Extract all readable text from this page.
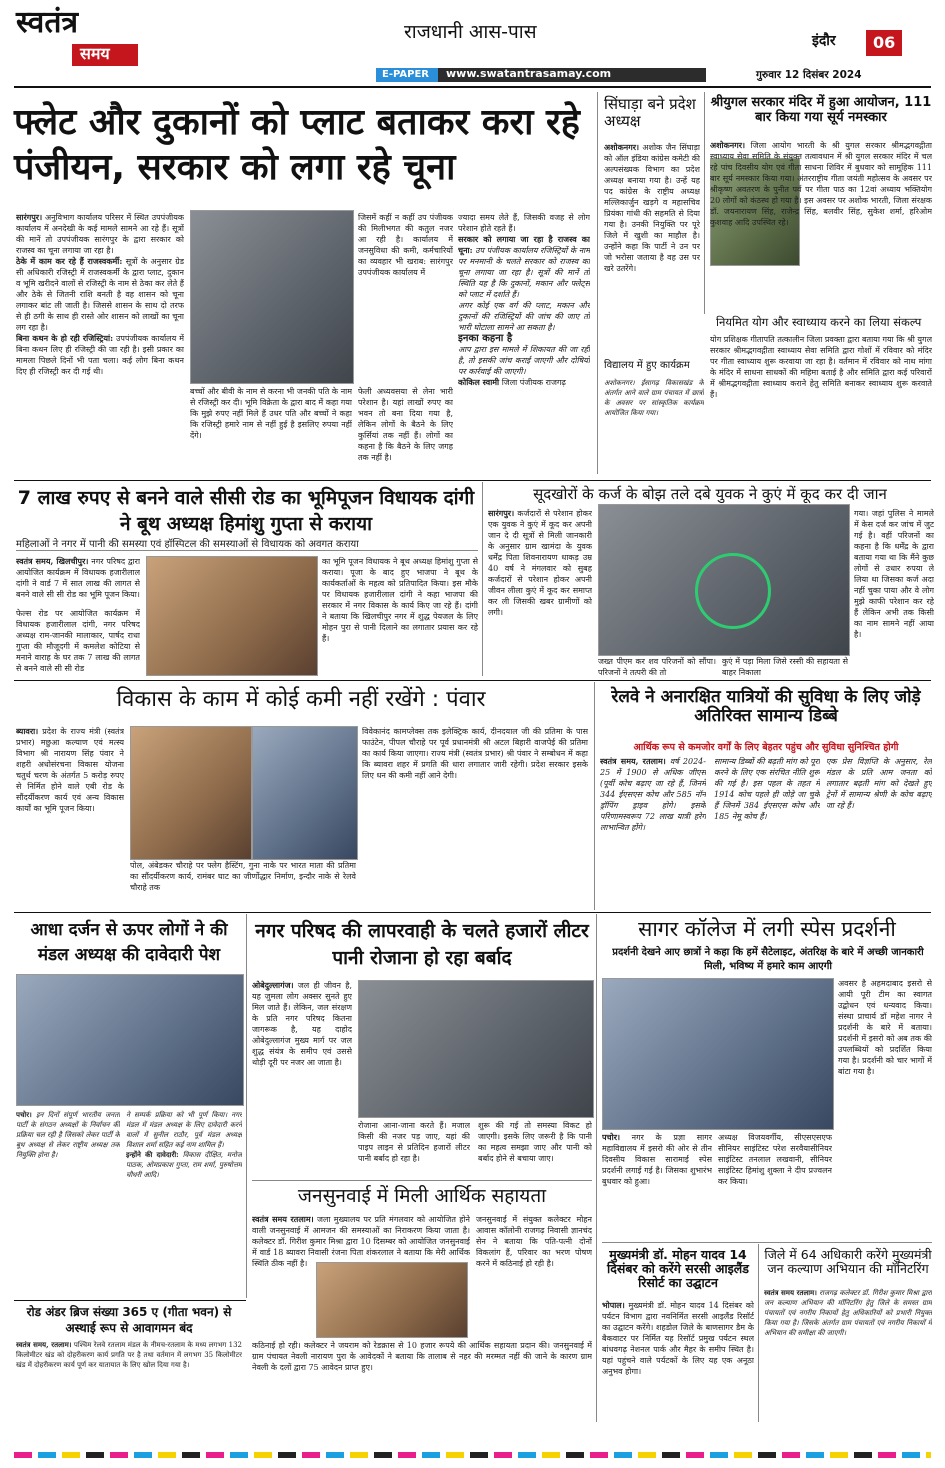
स्वतंत्र
समय
राजधानी आस-पास
E-PAPER www.swatantrasamay.com
इंदौर 06
गुरुवार 12 दिसंबर 2024
फ्लेट और दुकानों को प्लाट बताकर करा रहे पंजीयन, सरकार को लगा रहे चूना
सारंगपुर। अनुविभाग कार्यालय परिसर में स्थित उपपंजीयक कार्यालय में अनदेखी के कई मामले सामने आ रहे हैं। सूत्रों की मानें तो उपपंजीयक सारंगपुर के द्वारा सरकार को राजस्व का चूना लगाया जा रहा है।
ठेके में काम कर रहे हैं राजस्वकर्मी: सूत्रों के अनुसार ग्रेड सी अधिकारी रजिस्ट्री में राजस्वकर्मी के द्वारा प्लाट, दुकान व भूमि खरीदने वालों से रजिस्ट्री के नाम से ठेका कर लेते हैं और ठेके से जितनी राशि बनती है वह शासन को चूना लगाकर बांट ली जाती है। जिससे शासन के साथ दो तरफ से ही ठगी के साथ ही रास्ते ओर शासन को लाखों का चूना लग रहा है।
बिना कथन के हो रही रजिस्ट्रियां: उपपंजीयक कार्यालय में बिना कथन लिए ही रजिस्ट्री की जा रही है। इसी प्रकार का मामला पिछले दिनों भी पता चला। कई लोग बिना कथन दिए ही रजिस्ट्री कर दी गई थी।
बच्चों और बीवी के नाम से करना भी जनकी पति के नाम से रजिस्ट्री कर दी। भूमि विक्रेता के द्वारा बाद में कहा गया कि मुझे रुपए नहीं मिले हैं उधर पति और बच्चों ने कहा कि रजिस्ट्री हमारे नाम से नहीं हुई है इसलिए रुपया नहीं देंगे।
फेली अध्यवसया से लेना भारी परेशान है। यहां लाखों रुपए का भवन तो बना दिया गया है, लेकिन लोगों के बैठने के लिए कुर्सियां तक नहीं हैं। लोगों का कहना है कि बैठने के लिए जगह तक नहीं है।
जिसमें कहीं न कहीं उप पंजीयक की मिलीभगत की कतुल नजर आ रही है। कार्यालय में जनसुविधा की कमी, कर्मचारियों का व्यवहार भी खराब: सारंगपुर उपपंजीयक कार्यालय में
ज्यादा समय लेते हैं, जिसकी वजह से लोग परेशान होते रहते हैं।
सरकार को लगाया जा रहा है राजस्व का चूना: उप पंजीयक कार्यालय रजिस्ट्रियों के नाम पर मनमानी के चलते सरकार को राजस्व का चूना लगाया जा रहा है। सूत्रों की मानें तो स्थिति यह है कि दुकानों, मकान और फ्लेट्स को प्लाट में दर्शाते हैं।
अगर कोई एक वर्ग की प्लाट, मकान और दुकानों की रजिस्ट्रियों की जांच की जाए तो भारी घोटाला सामने आ सकता है।
इनका कहना है
आप द्वारा इस मामले में शिकायत की जा रही है, तो इसकी जांच कराई जाएगी और दोषियों पर कार्रवाई की जाएगी।
कोकिल स्वामी जिला पंजीयक राजगढ़
सिंघाड़ा बने प्रदेश अध्यक्ष
अशोकनगर। अशोक जैन सिंघाड़ा को ऑल इंडिया कांग्रेस कमेटी की अल्पसंख्यक विभाग का प्रदेश अध्यक्ष बनाया गया है। उन्हें यह पद कांग्रेस के राष्ट्रीय अध्यक्ष मल्लिकार्जुन खड़गे व महासचिव प्रियंका गांधी की सहमति से दिया गया है। उनकी नियुक्ति पर पूरे जिले में खुशी का माहौल है। उन्होंने कहा कि पार्टी ने उन पर जो भरोसा जताया है वह उस पर खरे उतरेंगे।
विद्यालय में हुए कार्यक्रम
अशोकनगर। ईसागढ़ विकासखंड के अंतर्गत आने वाले ग्राम पंचायत में छात्रों के अवसर पर सांस्कृतिक कार्यक्रम आयोजित किया गया।
श्रीयुगल सरकार मंदिर में हुआ आयोजन, 111 बार किया गया सूर्य नमस्कार
अशोकनगर। जिला आयोग भारती के श्री युगल सरकार श्रीमद्भगवद्गीता स्वाध्याय सेवा समिति के संयुक्त तत्वावधान में श्री युगल सरकार मंदिर में चल रहे पांच दिवसीय योग एवं गीता साधना शिविर में बुधवार को सामूहिक 111 बार सूर्य नमस्कार किया गया। अंतरराष्ट्रीय गीता जयंती महोत्सव के अवसर पर श्रीकृष्ण अवतरण के पुनीत पर्व पर गीता पाठ का 12वां अध्याय भक्तियोग 20 लोगों को कंठस्थ हो गया है। इस अवसर पर अशोक भारती, जिला संरक्षक डॉ. जयनारायण सिंह, राजेन्द्र सिंह, बलवीर सिंह, सुकेश शर्मा, हरिओम कुशवाह आदि उपस्थित रहे।
नियमित योग और स्वाध्याय करने का लिया संकल्प
योग प्रशिक्षक गीतापति तत्कालीन जिला प्रवक्ता द्वारा बताया गया कि श्री युगल सरकार श्रीमद्भगवद्गीता स्वाध्याय सेवा समिति द्वारा गोशों में रविवार को मंदिर पर गीता स्वाध्याय शुरू करवाया जा रहा है। वर्तमान में रविवार को नाथ मांगा के मंदिर में साधना साधकों की महिमा बताई है और समिति द्वारा कई परिवारों में श्रीमद्भगवद्गीता स्वाध्याय कराने हेतु समिति बनाकर स्वाध्याय शुरू करवाते हैं।
7 लाख रुपए से बनने वाले सीसी रोड का भूमिपूजन विधायक दांगी ने बूथ अध्यक्ष हिमांशु गुप्ता से कराया
महिलाओं ने नगर में पानी की समस्या एवं हॉस्पिटल की समस्याओं से विधायक को अवगत कराया
स्वतंत्र समय, खिलचीपुर। नगर परिषद द्वारा आयोजित कार्यक्रम में विधायक हजारीलाल दांगी ने वार्ड 7 में सात लाख की लागत से बनने वाले सी सी रोड का भूमि पूजन किया।
फेल्स रोड पर आयोजित कार्यक्रम में विधायक हजारीलाल दांगी, नगर परिषद अध्यक्ष राम-जानकी मालाकार, पार्षद राधा गुप्ता की मौजूदगी में कमलेश कोटिया से मनाने वाराह के घर तक 7 लाख की लागत से बनने वाले सी सी रोड
का भूमि पूजन विधायक ने बूथ अध्यक्ष हिमांशु गुप्ता से कराया। पूजा के बाद हुए भाजपा ने बूथ के कार्यकर्ताओं के महत्व को प्रतिपादित किया। इस मौके पर विधायक हजारीलाल दांगी ने कहा भाजपा की सरकार में नगर विकास के कार्य किए जा रहे हैं। दांगी ने बताया कि खिलचीपुर नगर में शुद्ध पेयजल के लिए मोहन पुरा से पानी दिलाने का लगातार प्रयास कर रहे हैं।
सूदखोरों के कर्ज के बोझ तले दबे युवक ने कुएं में कूद कर दी जान
सारंगपुर। कर्जदारों से परेशान होकर एक युवक ने कुएं में कूद कर अपनी जान दे दी सूत्रों से मिली जानकारी के अनुसार ग्राम खामंदा के युवक धर्मेंद्र पिता शिवनारायण धाकड़ उम्र 40 वर्ष ने मंगलवार को सुबह कर्जदारों से परेशान होकर अपनी जीवन लीला कुएं में कूद कर समाप्त कर ली जिसकी खबर ग्रामीणों को लगी।
जख्त पीएम कर शव परिजनों को सौंपा। परिजनों ने तत्परी की तो
कुएं में पड़ा मिला जिसे रस्सी की सहायता से बाहर निकाला
गया। जहां पुलिस ने मामले में केस दर्ज कर जांच में जुट गई है। वहीं परिजनों का कहना है कि धर्मेंद्र के द्वारा बताया गया था कि मैंने कुछ लोगों से उधार रुपया ले लिया था जिसका कर्ज अदा नहीं चुका पाया और वे लोग मुझे काफी परेशान कर रहे हैं लेकिन अभी तक किसी का नाम सामने नहीं आया है।
विकास के काम में कोई कमी नहीं रखेंगे : पंवार
ब्यावरा। प्रदेश के राज्य मंत्री (स्वतंत्र प्रभार) मछुआ कल्याण एवं मत्स्य विभाग श्री नारायण सिंह पंवार ने शहरी अधोसंरचना विकास योजना चतुर्थ चरण के अंतर्गत 5 करोड़ रुपए से निर्मित होने वाले एबी रोड के सौंदर्यीकरण कार्य एवं अन्य विकास कार्यों का भूमि पूजन किया।
पोल, अंबेडकर चौराहे पर फ्लेग हैस्टिंग, गुना नाके पर भारत माता की प्रतिमा का सौंदर्यीकरण कार्य, रामंबर घाट का जीर्णोद्धार निर्माण, इन्दौर नाके से रेलवे चौराहे तक
विवेकानंद कामप्लेक्स तक इलेक्ट्रिक कार्य, दीनदयाल जी की प्रतिमा के पास फाउंटेन, पीपल चौराहे पर पूर्व प्रधानमंत्री श्री अटल बिहारी वाजपेई की प्रतिमा का कार्य किया जाएगा। राज्य मंत्री (स्वतंत्र प्रभार) श्री पंवार ने सम्बोधन में कहा कि ब्यावरा शहर में प्रगति की धारा लगातार जारी रहेगी। प्रदेश सरकार इसके लिए धन की कमी नहीं आने देगी।
रेलवे ने अनारक्षित यात्रियों की सुविधा के लिए जोड़े अतिरिक्त सामान्य डिब्बे
आर्थिक रूप से कमजोर वर्गों के लिए बेहतर पहुंच और सुविधा सुनिश्चित होगी
स्वतंत्र समय, रतलाम। वर्ष 2024-25 में 1900 से अधिक जीएस (पूर्वी कोच बढ़ाए जा रहे हैं, जिनमें 344 ईएसएस कोच और 585 नॉन ड्रॉपिंग ड्राइव होगे। इसके परिणामस्वरूप 72 लाख यात्री हरेग लाभान्वित होंगे।
सामान्य डिब्बों की बढ़ती मांग को पूरा करने के लिए एक संरचित नीति शुरू की गई है। इस पहल के तहत में 1914 कोच पहले ही जोड़े जा चुके हैं जिनमें 384 ईएसएस कोच और 185 नेमू कोच हैं।
एक प्रेस विज्ञप्ति के अनुसार, रेल मंडल के प्रति आम जनता को लगातार बढ़ती मांग को देखते हुए ट्रेनों में सामान्य श्रेणी के कोच बढ़ाए जा रहे हैं।
आधा दर्जन से ऊपर लोगों ने की मंडल अध्यक्ष की दावेदारी पेश
पचोर। इन दिनों संपूर्ण भारतीय जनता पार्टी के संगठन अध्यक्षों के निर्वाचन की प्रक्रिया चल रही है जिसको लेकर पार्टी के बूथ अध्यक्ष से लेकर राष्ट्रीय अध्यक्ष तक नियुक्ति होना है।
ने सम्पर्क प्रक्रिया को भी पूर्ण किया। नगर मंडल में मंडल अध्यक्ष के लिए दावेदारी करने वालों में सुनील राठौर, पूर्व मंडल अध्यक्ष विशाल शर्मा सहित कई नाम शामिल हैं।
इन्होंने की दावेदारी: विकास दीक्षित, मनोज पाठक, ओमप्रकाश गुप्ता, राम शर्मा, पुरुषोत्तम चौधरी आदि।
नगर परिषद की लापरवाही के चलते हजारों लीटर पानी रोजाना हो रहा बर्बाद
ओबेदुल्लागंज। जल ही जीवन है, यह जुमला लोग अक्सर सुनते हुए मिल जाते हैं। लेकिन, जल संरक्षण के प्रति नगर परिषद कितना जागरूक है, यह दाहोद ओबेदुल्लागंज मुख्य मार्ग पर जल शुद्ध संयंत्र के समीप एवं उससे थोड़ी दूरी पर नजर आ जाता है।
रोजाना आना-जाना करते हैं। मजाल किसी की नजर पड़ जाए, यहां की पाइप लाइन से प्रतिदिन हजारों लीटर पानी बर्बाद हो रहा है।
शुरू की गई तो समस्या विकट हो जाएगी। इसके लिए जरूरी है कि पानी का महत्व समझा जाए और पानी को बर्बाद होने से बचाया जाए।
जनसुनवाई में मिली आर्थिक सहायता
स्वतंत्र समय रतलाम। जला मुख्यालय पर प्रति मंगलवार को आयोजित होने वाली जनसुनवाई में आमजन की समस्याओं का निराकरण किया जाता है। कलेक्टर डॉ. गिरीश कुमार मिश्रा द्वारा 10 दिसम्बर को आयोजित जनसुनवाई में वार्ड 18 ब्यावरा निवासी रंजना पिता शंकरलाल ने बताया कि मेरी आर्थिक स्थिति ठीक नहीं है।
जनसुनवाई में संयुक्त कलेक्टर मोहन आवास कॉलोनी राजगढ़ निवासी ज्ञानचंद सेन ने बताया कि पति-पत्नी दोनों विकलांग हैं, परिवार का भरण पोषण करने में कठिनाई हो रही है।
कठिनाई हो रही। कलेक्टर ने जयराम को रेडक्रास से 10 हजार रूपये की आर्थिक सहायता प्रदान की। जनसुनवाई में ग्राम पंचायत नेवली नारायण पुरा के आवेदकों ने बताया कि तालाब से नहर की मरम्मत नहीं की जाने के कारण ग्राम नेवली के दलों द्वारा 75 आवेदन प्राप्त हुए।
सागर कॉलेज में लगी स्पेस प्रदर्शनी
प्रदर्शनी देखने आए छात्रों ने कहा कि हमें सैटेलाइट, अंतरिक्ष के बारे में अच्छी जानकारी मिली, भविष्य में हमारे काम आएगी
अवसर है अहमदाबाद इसरो से आयी पूरी टीम का स्वागत उद्बोधन एवं धन्यवाद किया। संस्था प्राचार्य डॉ महेश नागर ने प्रदर्शनी के बारे में बताया। प्रदर्शनी में इसरो को अब तक की उपलब्धियों को प्रदर्शित किया गया है। प्रदर्शनी को चार भागों में बांटा गया है।
पचोर। नगर के प्रज्ञा सागर महाविद्यालय में इसरो की ओर से तीन दिवसीय विकास सारामाई स्पेस प्रदर्शनी लगाई गई है। जिसका शुभारंभ बुधवार को हुआ।
अध्यक्ष विजयवर्गीय, सीएसएसएफ सीनियर साइंटिस्ट परेश सरवैयासीनियर साइंटिस्ट तनलाल लखवानी, सीनियर साइंटिस्ट हिमांशु शुक्ला ने दीप प्रज्वलन कर किया।
मुख्यमंत्री डॉ. मोहन यादव 14 दिसंबर को करेंगे सरसी आइलैंड रिसोर्ट का उद्घाटन
भोपाल। मुख्यमंत्री डॉ. मोहन यादव 14 दिसंबर को पर्यटन विभाग द्वारा नवनिर्मित सरसी आइलैंड रिसॉर्ट का उद्घाटन करेंगे। शहडोल जिले के बाणसागर डैम के बैकवाटर पर निर्मित यह रिसॉर्ट प्रमुख पर्यटन स्थल बांधवगढ़ नेशनल पार्क और मैहर के समीप स्थित है। यहां पहुंचने वाले पर्यटकों के लिए यह एक अनूठा अनुभव होगा।
जिले में 64 अधिकारी करेंगे मुख्यमंत्री जन कल्याण अभियान की मॉनिटरिंग
स्वतंत्र समय रतलाम। राजगढ़ कलेक्टर डॉ. गिरीश कुमार मिश्रा द्वारा जन कल्याण अभियान की मॉनिटरिंग हेतु जिले के समस्त ग्राम पंचायतों एवं नगरीय निकायों हेतु अधिकारियों को प्रभारी नियुक्त किया गया है। जिसके अंतर्गत ग्राम पंचायतों एवं नगरीय निकायों में अभियान की समीक्षा की जाएगी।
रोड अंडर ब्रिज संख्या 365 ए (गीता भवन) से अस्थाई रूप से आवागमन बंद
स्वतंत्र समय, रतलाम। पश्चिम रेलवे रतलाम मंडल के नीमच-रतलाम के मध्य लगभग 132 किलोमीटर खंड को दोहरीकरण कार्य प्रगति पर है तथा वर्तमान में लगभग 35 किलोमीटर खंड में दोहरीकरण कार्य पूर्ण कर यातायात के लिए खोल दिया गया है।
